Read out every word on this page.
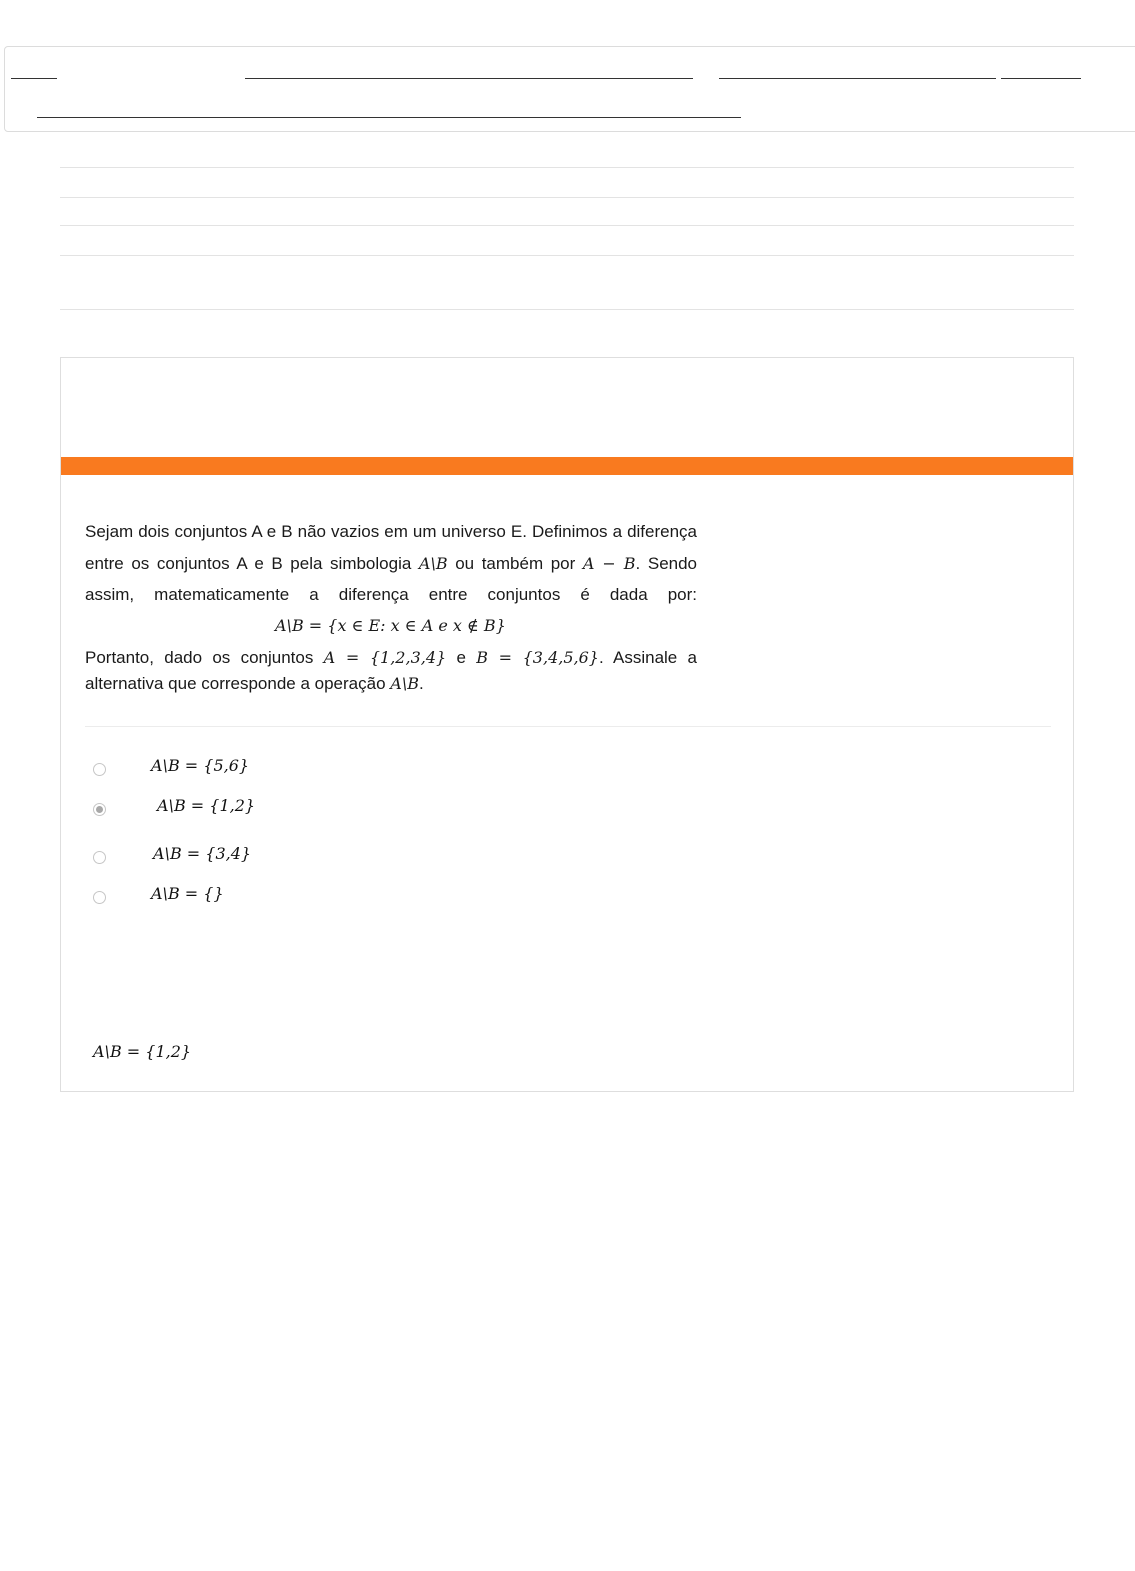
Sejam dois conjuntos A e B não vazios em um universo E. Definimos a diferença entre os conjuntos A e B pela simbologia A\B ou também por A − B. Sendo assim, matematicamente a diferença entre conjuntos é dada por:

A\B = {x ∈ E: x ∈ A e x ∉ B}

Portanto, dado os conjuntos A = {1,2,3,4} e B = {3,4,5,6}. Assinale a alternativa que corresponde a operação A\B.

A\B = {5,6}
A\B = {1,2}
A\B = {3,4}
A\B = {}
A\B = {1,2}
